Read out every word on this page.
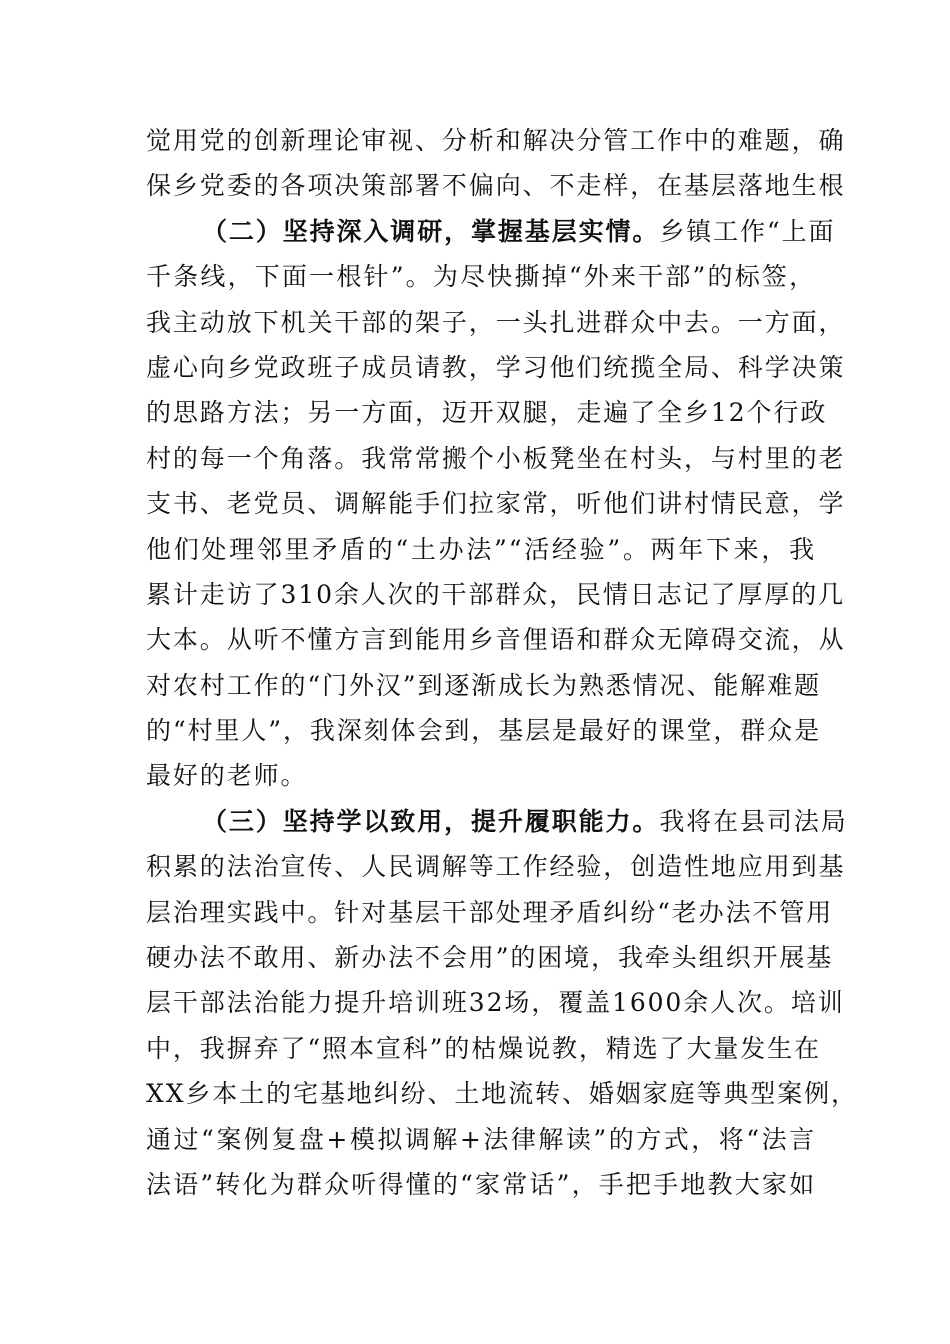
觉用党的创新理论审视、分析和解决分管工作中的难题，确
保乡党委的各项决策部署不偏向、不走样，在基层落地生根
（二）坚持深入调研，掌握基层实情。乡镇工作“上面
千条线，下面一根针”。为尽快撕掉“外来干部”的标签，
我主动放下机关干部的架子，一头扎进群众中去。一方面，
虚心向乡党政班子成员请教，学习他们统揽全局、科学决策
的思路方法；另一方面，迈开双腿，走遍了全乡12个行政
村的每一个角落。我常常搬个小板凳坐在村头，与村里的老
支书、老党员、调解能手们拉家常，听他们讲村情民意，学
他们处理邻里矛盾的“土办法”“活经验”。两年下来，我
累计走访了310余人次的干部群众，民情日志记了厚厚的几
大本。从听不懂方言到能用乡音俚语和群众无障碍交流，从
对农村工作的“门外汉”到逐渐成长为熟悉情况、能解难题
的“村里人”，我深刻体会到，基层是最好的课堂，群众是
最好的老师。
（三）坚持学以致用，提升履职能力。我将在县司法局
积累的法治宣传、人民调解等工作经验，创造性地应用到基
层治理实践中。针对基层干部处理矛盾纠纷“老办法不管用
硬办法不敢用、新办法不会用”的困境，我牵头组织开展基
层干部法治能力提升培训班32场，覆盖1600余人次。培训
中，我摒弃了“照本宣科”的枯燥说教，精选了大量发生在
XX乡本土的宅基地纠纷、土地流转、婚姻家庭等典型案例，
通过“案例复盘+模拟调解+法律解读”的方式，将“法言
法语”转化为群众听得懂的“家常话”，手把手地教大家如
